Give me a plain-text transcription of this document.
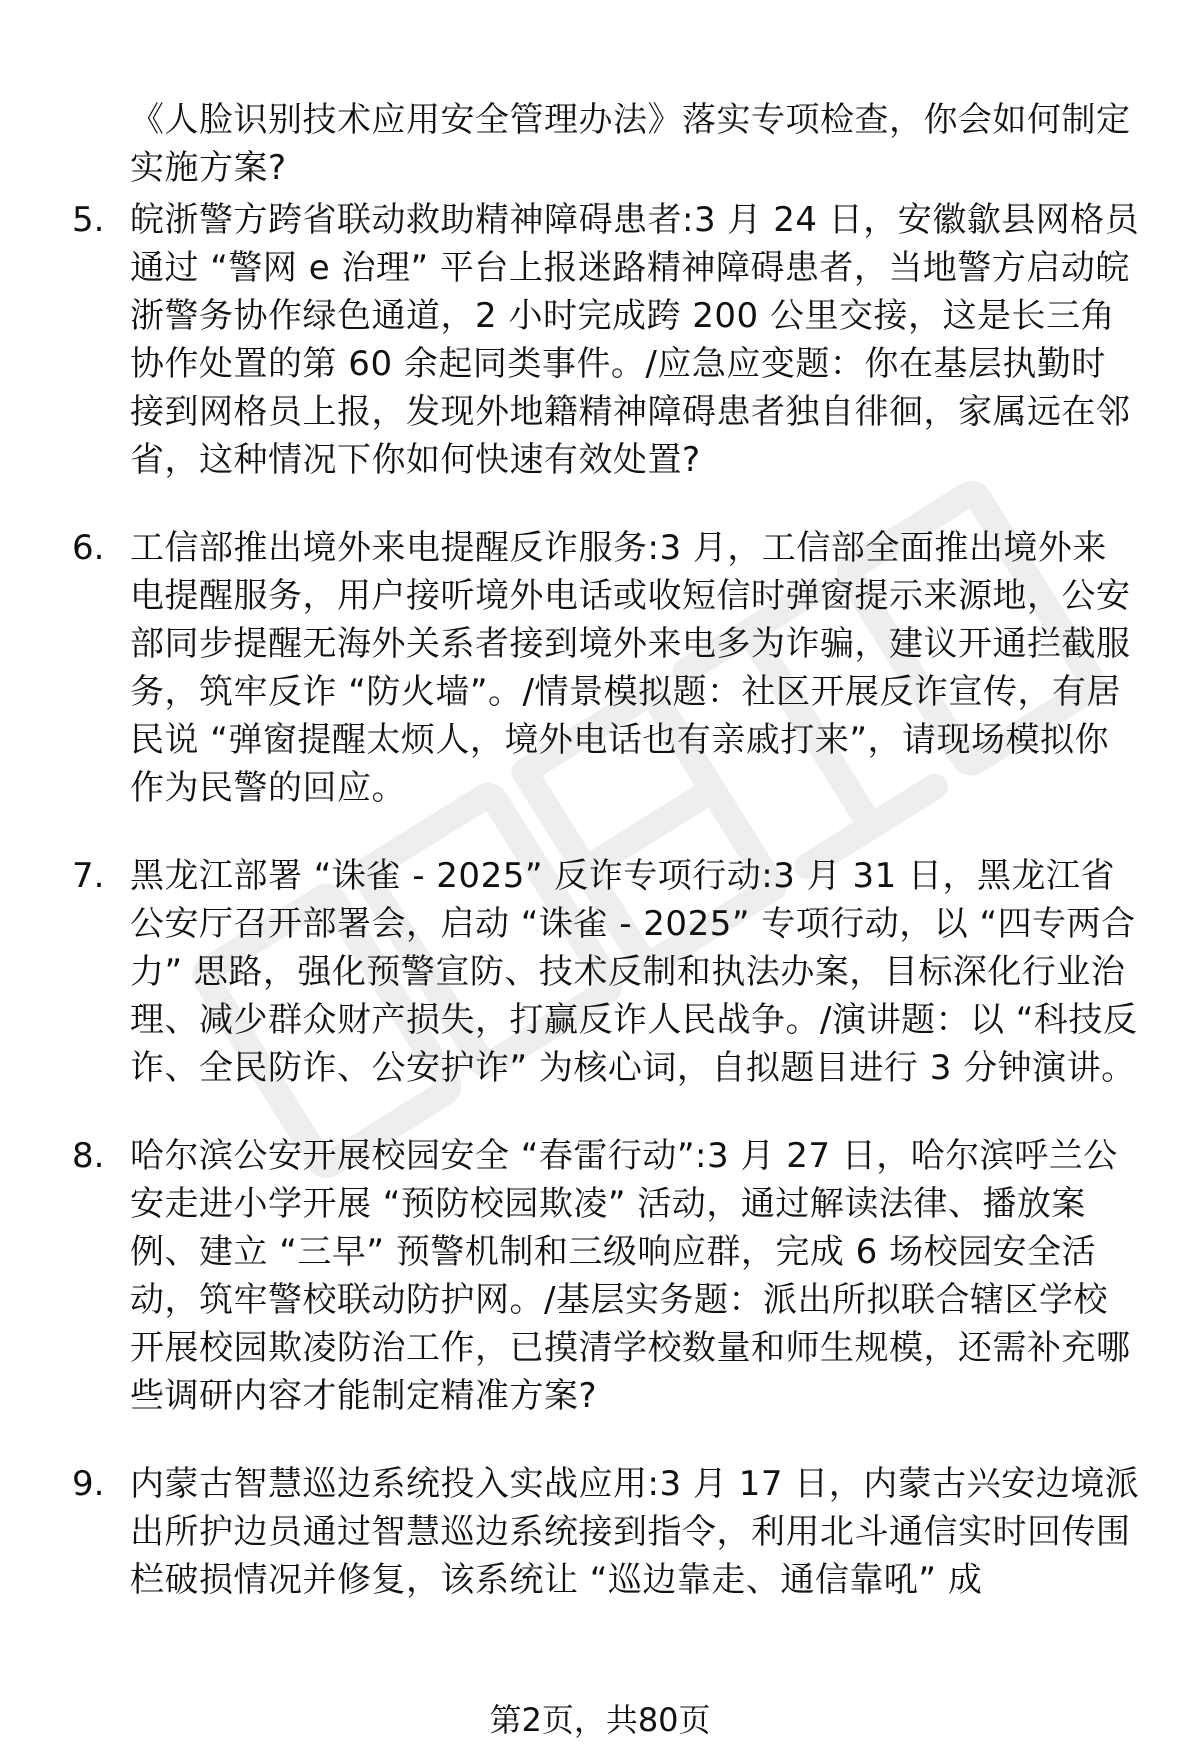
《人脸识别技术应用安全管理办法》落实专项检查，你会如何制定实施方案?

5. 皖浙警方跨省联动救助精神障碍患者:3 月 24 日，安徽歙县网格员通过 “警网 e 治理” 平台上报迷路精神障碍患者，当地警方启动皖浙警务协作绿色通道，2 小时完成跨 200 公里交接，这是长三角协作处置的第 60 余起同类事件。/应急应变题：你在基层执勤时接到网格员上报，发现外地籍精神障碍患者独自徘徊，家属远在邻省，这种情况下你如何快速有效处置?
6. 工信部推出境外来电提醒反诈服务:3 月，工信部全面推出境外来电提醒服务，用户接听境外电话或收短信时弹窗提示来源地，公安部同步提醒无海外关系者接到境外来电多为诈骗，建议开通拦截服务，筑牢反诈 “防火墙”。/情景模拟题：社区开展反诈宣传，有居民说 “弹窗提醒太烦人，境外电话也有亲戚打来”，请现场模拟你作为民警的回应。
7. 黑龙江部署 “诛雀 - 2025” 反诈专项行动:3 月 31 日，黑龙江省公安厅召开部署会，启动 “诛雀 - 2025” 专项行动，以 “四专两合力” 思路，强化预警宣防、技术反制和执法办案，目标深化行业治理、减少群众财产损失，打赢反诈人民战争。/演讲题：以 “科技反诈、全民防诈、公安护诈” 为核心词，自拟题目进行 3 分钟演讲。
8. 哈尔滨公安开展校园安全 “春雷行动”:3 月 27 日，哈尔滨呼兰公安走进小学开展 “预防校园欺凌” 活动，通过解读法律、播放案例、建立 “三早” 预警机制和三级响应群，完成 6 场校园安全活动，筑牢警校联动防护网。/基层实务题：派出所拟联合辖区学校开展校园欺凌防治工作，已摸清学校数量和师生规模，还需补充哪些调研内容才能制定精准方案?
9. 内蒙古智慧巡边系统投入实战应用:3 月 17 日，内蒙古兴安边境派出所护边员通过智慧巡边系统接到指令，利用北斗通信实时回传围栏破损情况并修复，该系统让 “巡边靠走、通信靠吼” 成
第2页，共80页
